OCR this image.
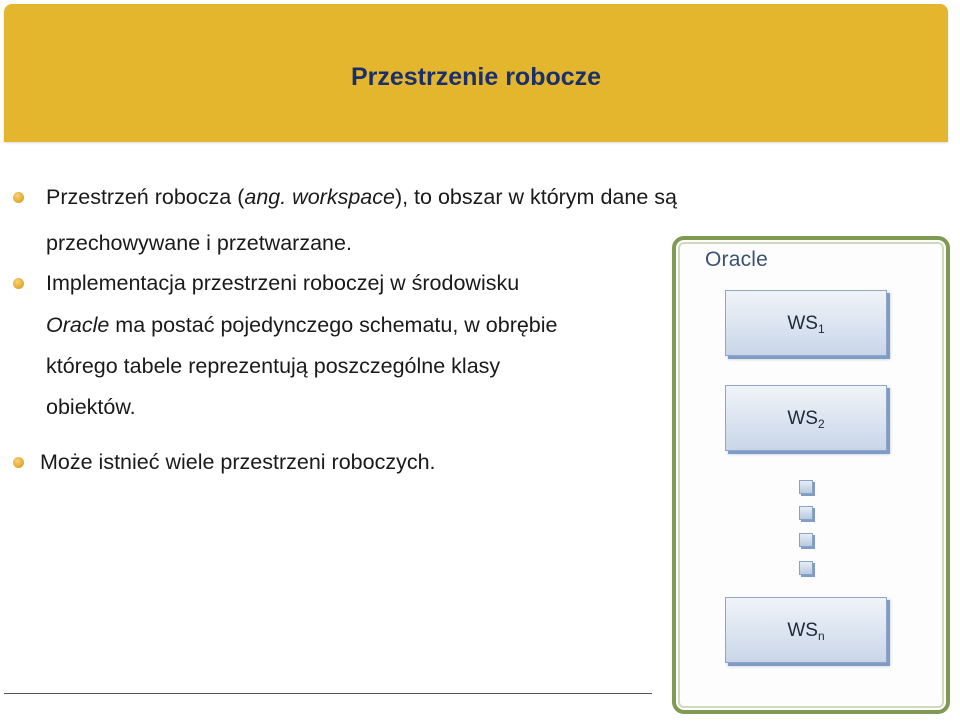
Przestrzenie robocze
Przestrzeń robocza (ang. workspace), to obszar w którym dane są
przechowywane i przetwarzane.
Implementacja przestrzeni roboczej w środowisku
Oracle ma postać pojedynczego schematu, w obrębie
którego tabele reprezentują poszczególne klasy
obiektów.
Może istnieć wiele przestrzeni roboczych.
Oracle
$WS_1$
$WS_2$
$WS_n$
